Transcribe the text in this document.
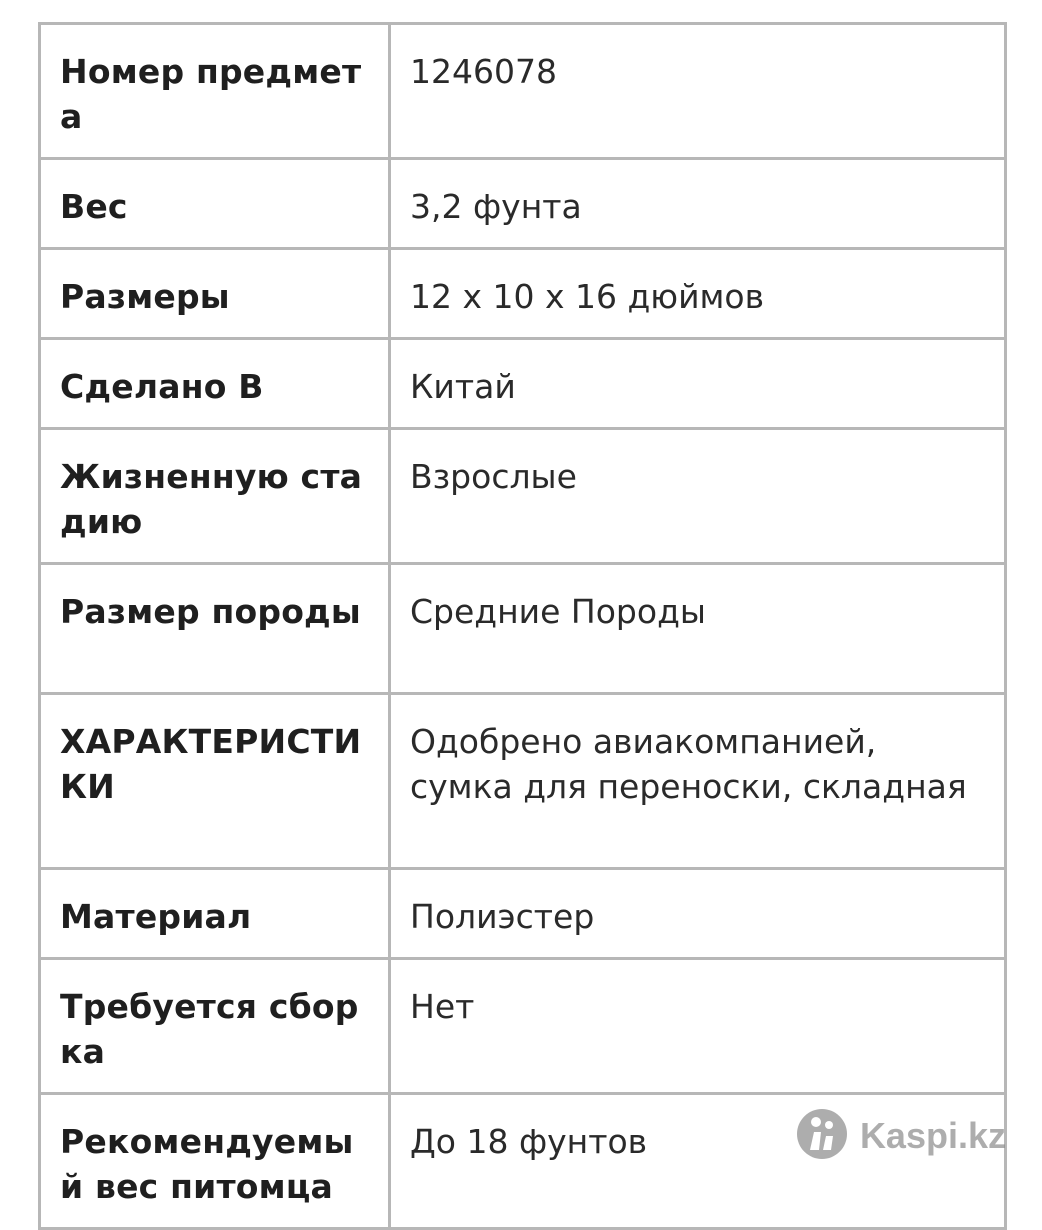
Номер предмета	1246078
Вес	3,2 фунта
Размеры	12 x 10 x 16 дюймов
Сделано В	Китай
Жизненную стадию	Взрослые
Размер породы	Средние Породы
ХАРАКТЕРИСТИКИ	Одобрено авиакомпанией, сумка для переноски, складная
Материал	Полиэстер
Требуется сборка	Нет
Рекомендуемый вес питомца	До 18 фунтов	Kaspi.kz
